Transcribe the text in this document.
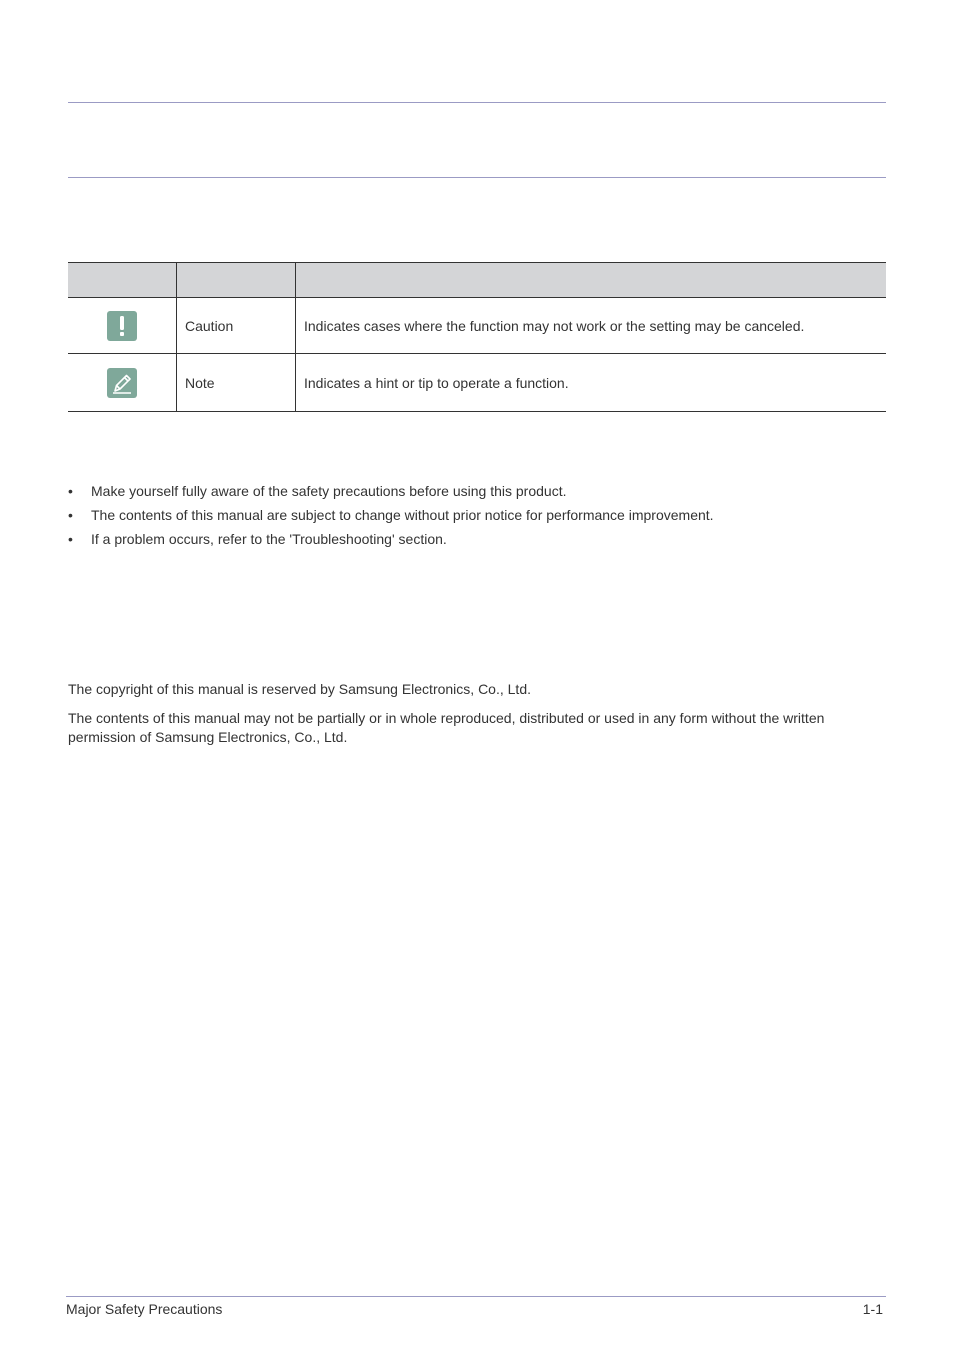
	Caution	Indicates cases where the function may not work or the setting may be canceled.

	Note	Indicates a hint or tip to operate a function.
• Make yourself fully aware of the safety precautions before using this product.
• The contents of this manual are subject to change without prior notice for performance improvement.
• If a problem occurs, refer to the 'Troubleshooting' section.

The copyright of this manual is reserved by Samsung Electronics, Co., Ltd.

The contents of this manual may not be partially or in whole reproduced, distributed or used in any form without the written permission of Samsung Electronics, Co., Ltd.

Major Safety Precautions	1-1
